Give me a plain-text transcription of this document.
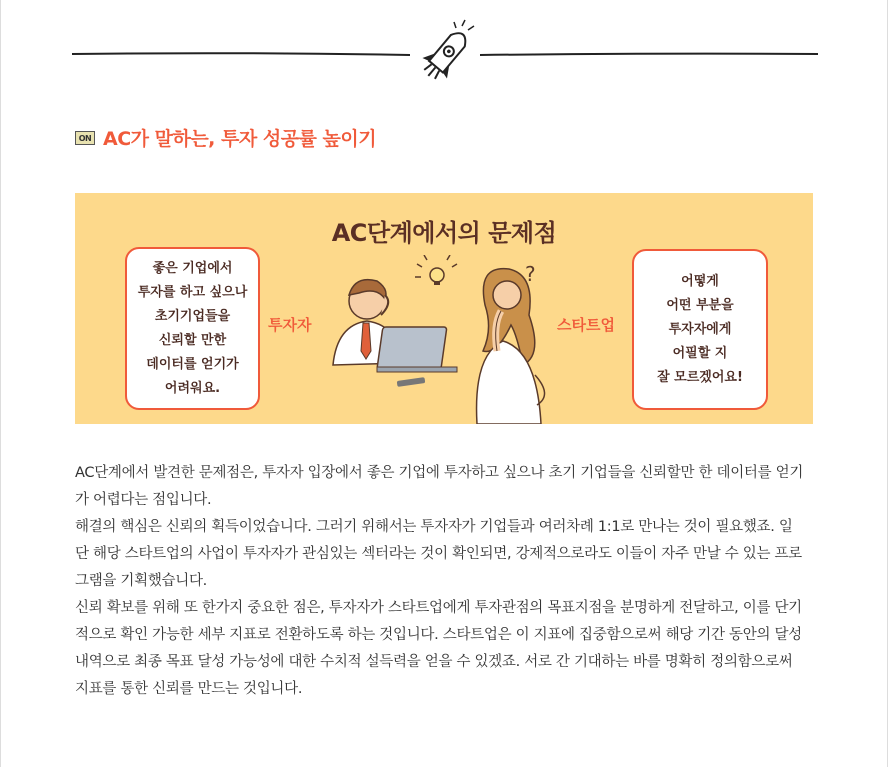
ON AC가 말하는, 투자 성공률 높이기
AC단계에서의 문제점
좋은 기업에서
투자를 하고 싶으나
초기기업들을
신뢰할 만한
데이터를 얻기가
어려워요.
투자자
?
스타트업
어떻게
어떤 부분을
투자자에게
어필할 지
잘 모르겠어요!

AC단계에서 발견한 문제점은, 투자자 입장에서 좋은 기업에 투자하고 싶으나 초기 기업들을 신뢰할만 한 데이터를 얻기가 어렵다는 점입니다.

해결의 핵심은 신뢰의 획득이었습니다. 그러기 위해서는 투자자가 기업들과 여러차례 1:1로 만나는 것이 필요했죠. 일단 해당 스타트업의 사업이 투자자가 관심있는 섹터라는 것이 확인되면, 강제적으로라도 이들이 자주 만날 수 있는 프로그램을 기획했습니다.

신뢰 확보를 위해 또 한가지 중요한 점은, 투자자가 스타트업에게 투자관점의 목표지점을 분명하게 전달하고, 이를 단기적으로 확인 가능한 세부 지표로 전환하도록 하는 것입니다. 스타트업은 이 지표에 집중함으로써 해당 기간 동안의 달성 내역으로 최종 목표 달성 가능성에 대한 수치적 설득력을 얻을 수 있겠죠. 서로 간 기대하는 바를 명확히 정의함으로써 지표를 통한 신뢰를 만드는 것입니다.
